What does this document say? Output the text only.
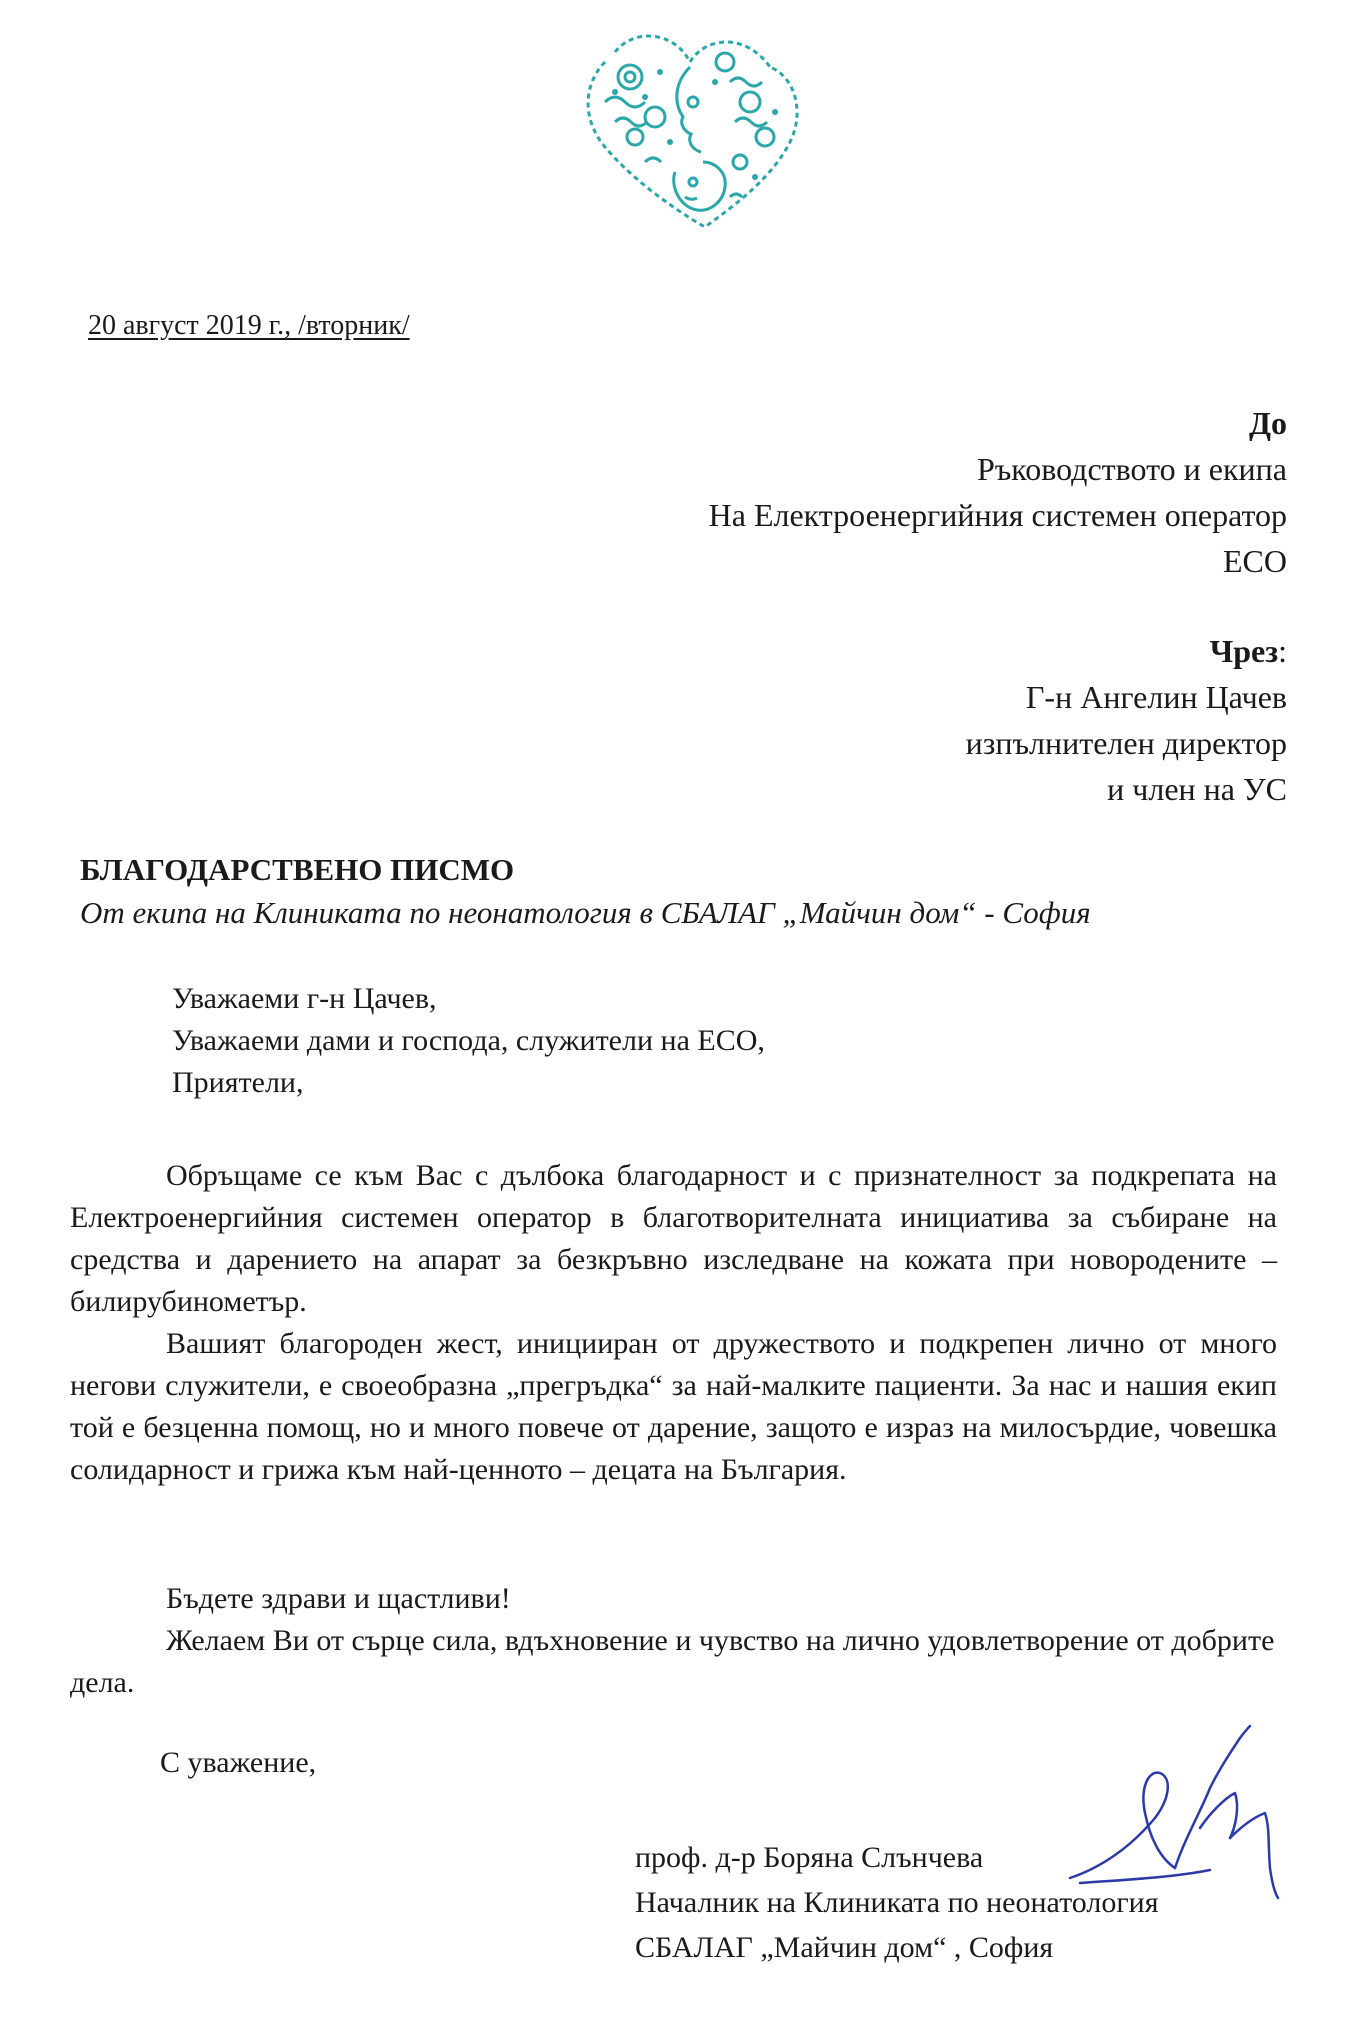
20 август 2019 г., /вторник/
До
Ръководството и екипа
На Електроенергийния системен оператор
ЕСО
Чрез:
Г-н Ангелин Цачев
изпълнителен директор
и член на УС
БЛАГОДАРСТВЕНО ПИСМО
От екипа на Клиниката по неонатология в СБАЛАГ „Майчин дом“ - София
Уважаеми г-н Цачев,
Уважаеми дами и господа, служители на ЕСО,
Приятели,

Обръщаме се към Вас с дълбока благодарност и с признателност за подкрепата на Електроенергийния системен оператор в благотворителната инициатива за събиране на средства и дарението на апарат за безкръвно изследване на кожата при новородените – билирубинометър.

Вашият благороден жест, иницииран от дружеството и подкрепен лично от много негови служители, е своеобразна „прегръдка“ за най-малките пациенти. За нас и нашия екип той е безценна помощ, но и много повече от дарение, защото е израз на милосърдие, човешка солидарност и грижа към най-ценното – децата на България.

Бъдете здрави и щастливи!

Желаем Ви от сърце сила, вдъхновение и чувство на лично удовлетворение от добрите дела.

С уважение,
проф. д-р Боряна Слънчева
Началник на Клиниката по неонатология
СБАЛАГ „Майчин дом“ , София
